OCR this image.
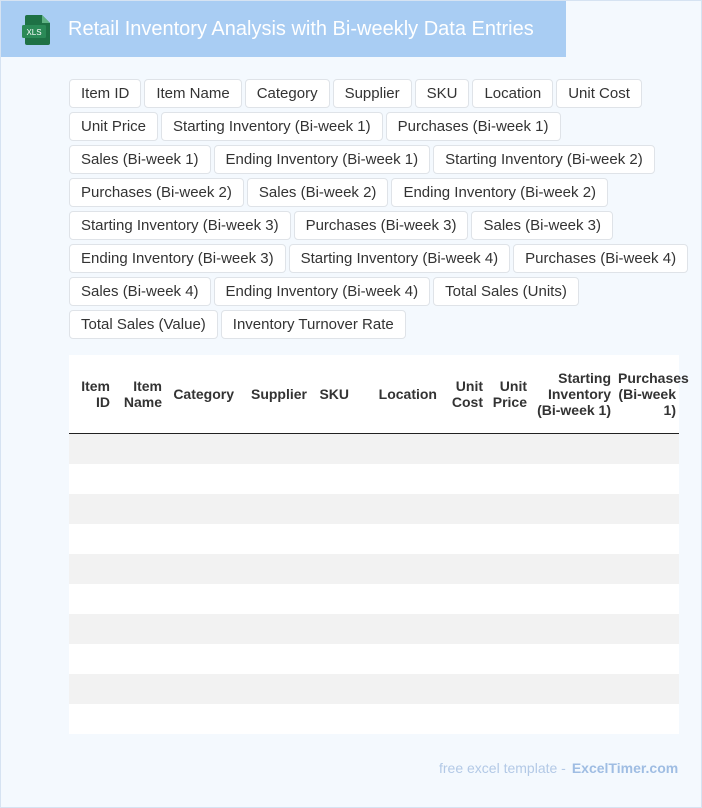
XLS Retail Inventory Analysis with Bi-weekly Data Entries
Item ID	Item Name	Category	Supplier	SKU	Location	Unit Cost
Unit Price	Starting Inventory (Bi-week 1)	Purchases (Bi-week 1)
Sales (Bi-week 1)	Ending Inventory (Bi-week 1)	Starting Inventory (Bi-week 2)
Purchases (Bi-week 2)	Sales (Bi-week 2)	Ending Inventory (Bi-week 2)
Starting Inventory (Bi-week 3)	Purchases (Bi-week 3)	Sales (Bi-week 3)
Ending Inventory (Bi-week 3)	Starting Inventory (Bi-week 4)	Purchases (Bi-week 4)
Sales (Bi-week 4)	Ending Inventory (Bi-week 4)	Total Sales (Units)
Total Sales (Value)	Inventory Turnover Rate
Item ID	Item Name	Category	Supplier	SKU	Location	Unit Cost	Unit Price	Starting Inventory (Bi-week 1)	Purchases (Bi-week 1)

free excel template - ExcelTimer.com
